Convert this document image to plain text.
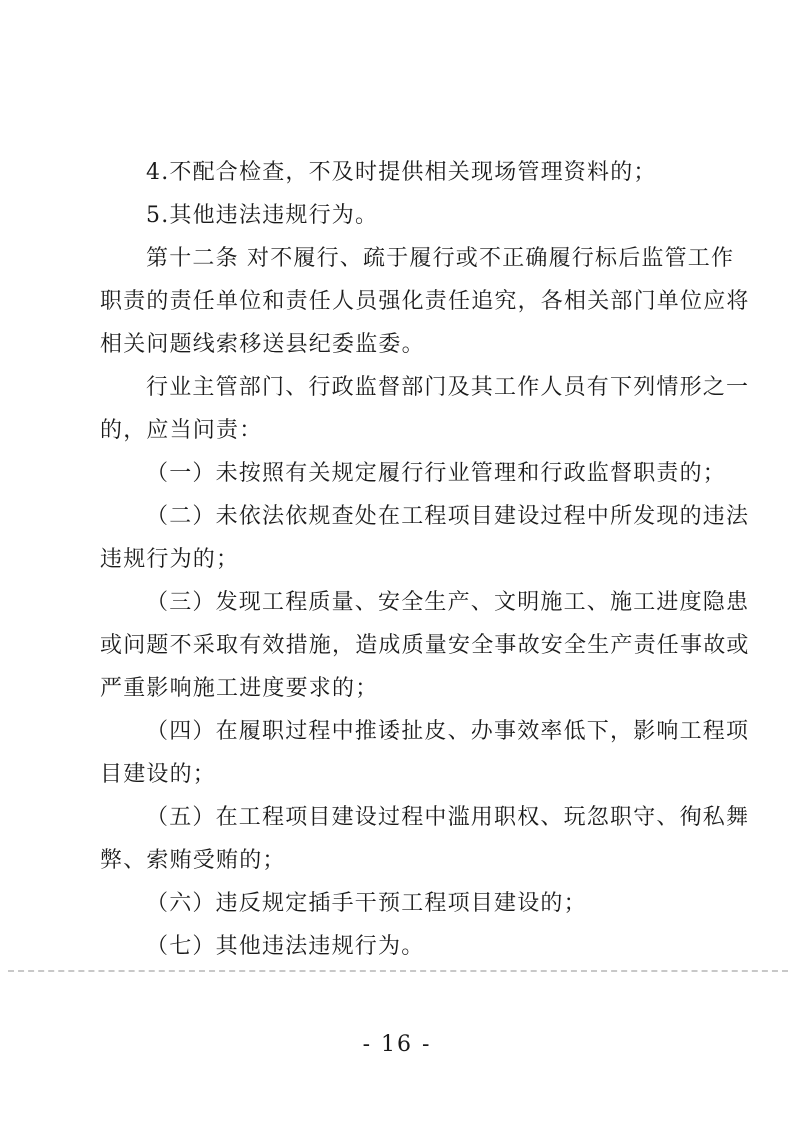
4.不配合检查，不及时提供相关现场管理资料的；
5.其他违法违规行为。
第十二条 对不履行、疏于履行或不正确履行标后监管工作
职责的责任单位和责任人员强化责任追究，各相关部门单位应将
相关问题线索移送县纪委监委。
行业主管部门、行政监督部门及其工作人员有下列情形之一
的，应当问责：
（一）未按照有关规定履行行业管理和行政监督职责的；
（二）未依法依规查处在工程项目建设过程中所发现的违法
违规行为的；
（三）发现工程质量、安全生产、文明施工、施工进度隐患
或问题不采取有效措施，造成质量安全事故安全生产责任事故或
严重影响施工进度要求的；
（四）在履职过程中推诿扯皮、办事效率低下，影响工程项
目建设的；
（五）在工程项目建设过程中滥用职权、玩忽职守、徇私舞
弊、索贿受贿的；
（六）违反规定插手干预工程项目建设的；
- 16 -
（七）其他违法违规行为。
